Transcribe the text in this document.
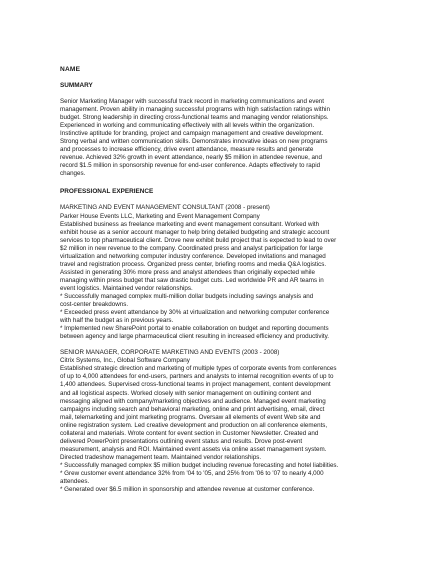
NAME
SUMMARY
Senior Marketing Manager with successful track record in marketing communications and event
management. Proven ability in managing successful programs with high satisfaction ratings within
budget. Strong leadership in directing cross-functional teams and managing vendor relationships.
Experienced in working and communicating effectively with all levels within the organization.
Instinctive aptitude for branding, project and campaign management and creative development.
Strong verbal and written communication skills. Demonstrates innovative ideas on new programs
and processes to increase efficiency, drive event attendance, measure results and generate
revenue. Achieved 32% growth in event attendance, nearly $5 million in attendee revenue, and
record $1.5 million in sponsorship revenue for end-user conference. Adapts effectively to rapid
changes.
PROFESSIONAL EXPERIENCE
MARKETING AND EVENT MANAGEMENT CONSULTANT (2008 - present)
Parker House Events LLC, Marketing and Event Management Company
Established business as freelance marketing and event management consultant. Worked with
exhibit house as a senior account manager to help bring detailed budgeting and strategic account
services to top pharmaceutical client. Drove new exhibit build project that is expected to lead to over
$2 million in new revenue to the company. Coordinated press and analyst participation for large
virtualization and networking computer industry conference. Developed invitations and managed
travel and registration process. Organized press center, briefing rooms and media Q&A logistics.
Assisted in generating 30% more press and analyst attendees than originally expected while
managing within press budget that saw drastic budget cuts. Led worldwide PR and AR teams in
event logistics. Maintained vendor relationships.
* Successfully managed complex multi-million dollar budgets including savings analysis and
cost-center breakdowns.
* Exceeded press event attendance by 30% at virtualization and networking computer conference
with half the budget as in previous years.
* Implemented new SharePoint portal to enable collaboration on budget and reporting documents
between agency and large pharmaceutical client resulting in increased efficiency and productivity.
SENIOR MANAGER, CORPORATE MARKETING AND EVENTS (2003 - 2008)
Citrix Systems, Inc., Global Software Company
Established strategic direction and marketing of multiple types of corporate events from conferences
of up to 4,000 attendees for end-users, partners and analysts to internal recognition events of up to
1,400 attendees. Supervised cross-functional teams in project management, content development
and all logistical aspects. Worked closely with senior management on outlining content and
messaging aligned with company/marketing objectives and audience. Managed event marketing
campaigns including search and behavioral marketing, online and print advertising, email, direct
mail, telemarketing and joint marketing programs. Oversaw all elements of event Web site and
online registration system. Led creative development and production on all conference elements,
collateral and materials. Wrote content for event section in Customer Newsletter. Created and
delivered PowerPoint presentations outlining event status and results. Drove post-event
measurement, analysis and ROI. Maintained event assets via online asset management system.
Directed tradeshow management team. Maintained vendor relationships.
* Successfully managed complex $5 million budget including revenue forecasting and hotel liabilities.
* Grew customer event attendance 32% from '04 to '05, and 25% from '06 to '07 to nearly 4,000
attendees.
* Generated over $6.5 million in sponsorship and attendee revenue at customer conference.
